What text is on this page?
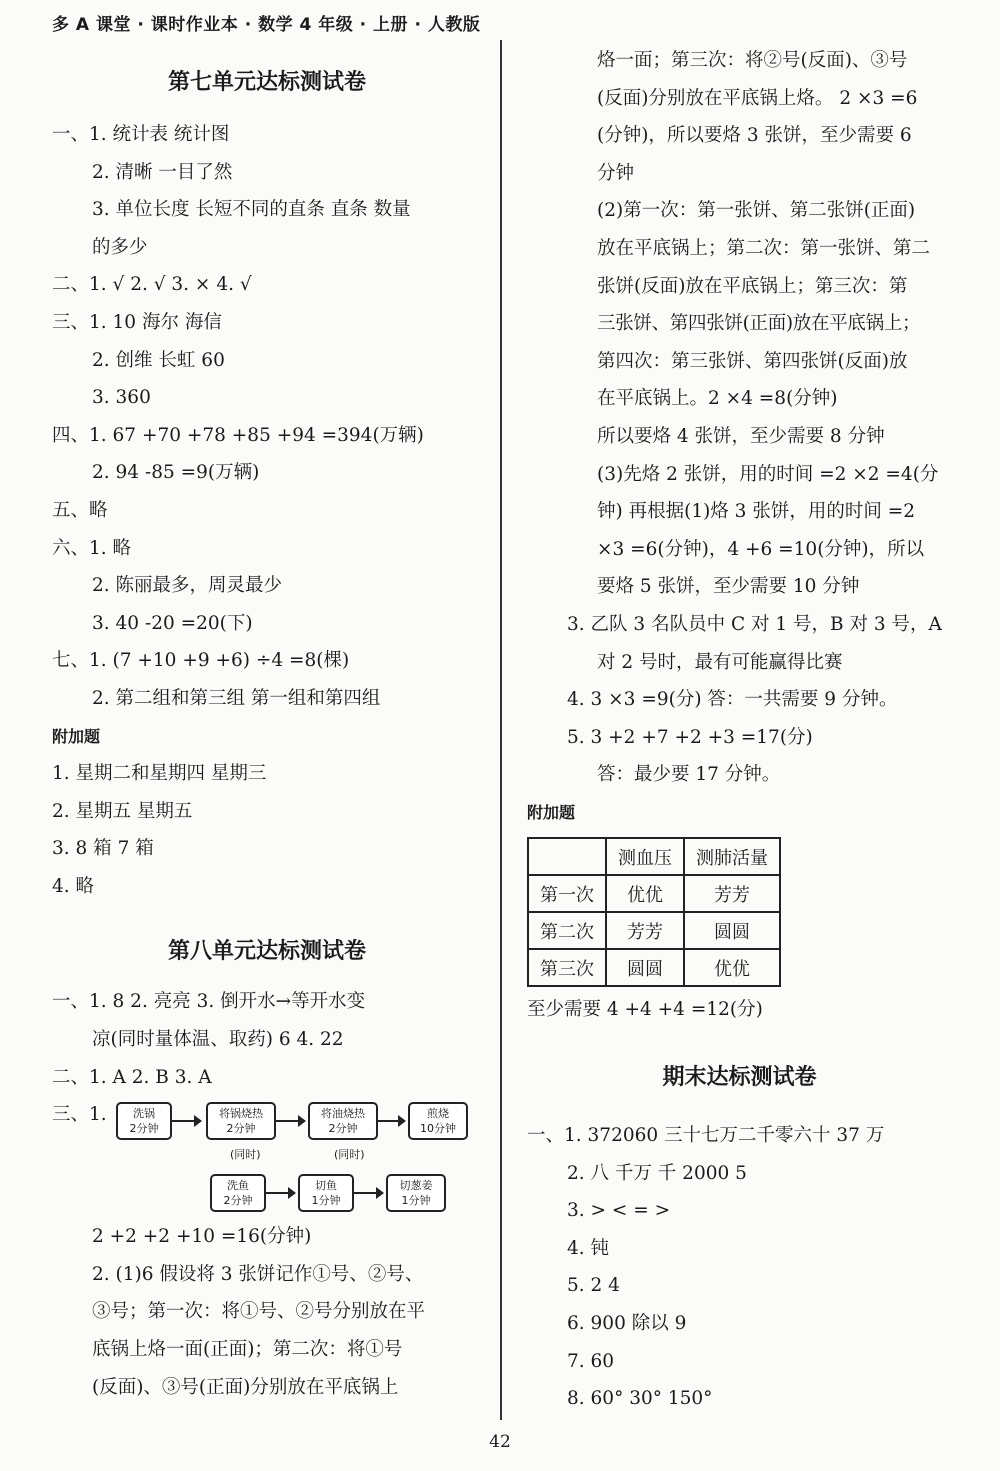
多 A 课堂 · 课时作业本 · 数学 4 年级 · 上册 · 人教版
第七单元达标测试卷
一、1. 统计表 统计图
2. 清晰 一目了然
3. 单位长度 长短不同的直条 直条 数量
的多少
二、1. √ 2. √ 3. × 4. √
三、1. 10 海尔 海信
2. 创维 长虹 60
3. 360
四、1. 67 +70 +78 +85 +94 =394(万辆)
2. 94 -85 =9(万辆)
五、略
六、1. 略
2. 陈丽最多，周灵最少
3. 40 -20 =20(下)
七、1. (7 +10 +9 +6) ÷4 =8(棵)
2. 第二组和第三组 第一组和第四组
附加题
1. 星期二和星期四 星期三
2. 星期五 星期五
3. 8 箱 7 箱
4. 略
第八单元达标测试卷
一、1. 8 2. 亮亮 3. 倒开水→等开水变
凉(同时量体温、取药) 6 4. 22
二、1. A 2. B 3. A
三、1.	洗锅
2分钟
将锅烧热
2分钟
将油烧热
2分钟
煎烧
10分钟
(同时)	(同时)
洗鱼
2分钟
切鱼
1分钟
切葱姜
1分钟
2 +2 +2 +10 =16(分钟)
2. (1)6 假设将 3 张饼记作①号、②号、
③号；第一次：将①号、②号分别放在平
底锅上烙一面(正面)；第二次：将①号
(反面)、③号(正面)分别放在平底锅上
烙一面；第三次：将②号(反面)、③号
(反面)分别放在平底锅上烙。 2 ×3 =6
(分钟)，所以要烙 3 张饼，至少需要 6
分钟
(2)第一次：第一张饼、第二张饼(正面)
放在平底锅上；第二次：第一张饼、第二
张饼(反面)放在平底锅上；第三次：第
三张饼、第四张饼(正面)放在平底锅上；
第四次：第三张饼、第四张饼(反面)放
在平底锅上。2 ×4 =8(分钟)
所以要烙 4 张饼，至少需要 8 分钟
(3)先烙 2 张饼，用的时间 =2 ×2 =4(分
钟) 再根据(1)烙 3 张饼，用的时间 =2
×3 =6(分钟)，4 +6 =10(分钟)，所以
要烙 5 张饼，至少需要 10 分钟
3. 乙队 3 名队员中 C 对 1 号，B 对 3 号，A
对 2 号时，最有可能赢得比赛
4. 3 ×3 =9(分) 答：一共需要 9 分钟。
5. 3 +2 +7 +2 +3 =17(分)
答：最少要 17 分钟。
附加题
	测血压	测肺活量
第一次	优优	芳芳
第二次	芳芳	圆圆
第三次	圆圆	优优
至少需要 4 +4 +4 =12(分)
期末达标测试卷
一、1. 372060 三十七万二千零六十 37 万
2. 八 千万 千 2000 5
3. > < = >
4. 钝
5. 2 4
6. 900 除以 9
7. 60
8. 60° 30° 150°
42
